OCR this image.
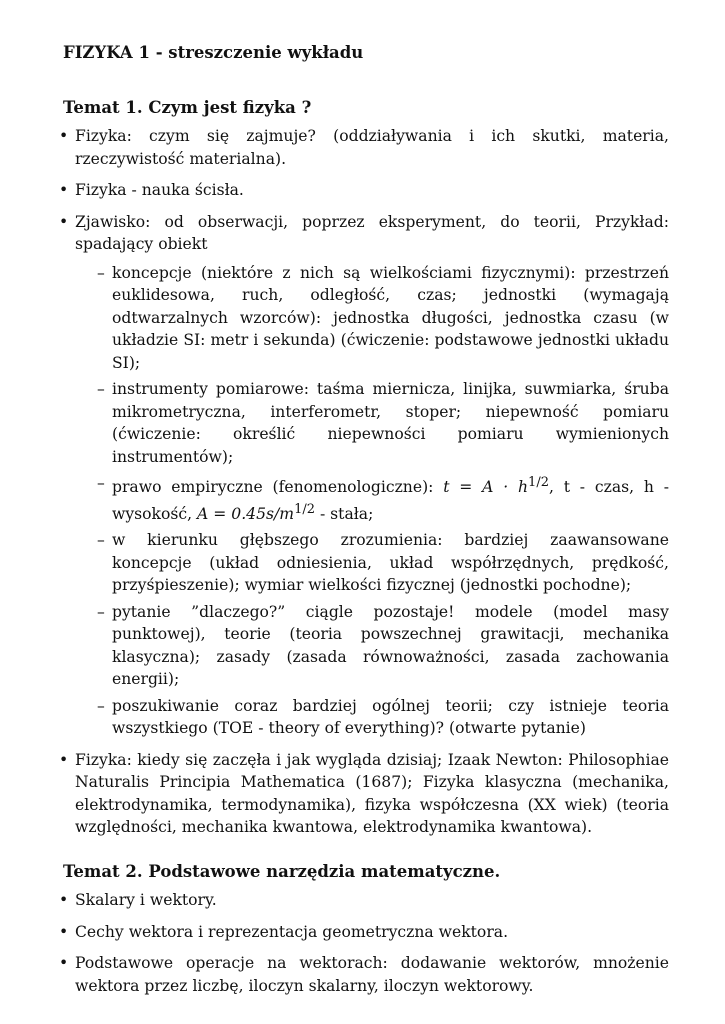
FIZYKA 1 - streszczenie wykładu
Temat 1. Czym jest fizyka ?
• Fizyka: czym się zajmuje? (oddziaływania i ich skutki, materia, rzeczywistość materialna).
• Fizyka - nauka ścisła.
• Zjawisko: od obserwacji, poprzez eksperyment, do teorii, Przykład: spadający obiekt
– koncepcje (niektóre z nich są wielkościami fizycznymi): przestrzeń euklidesowa, ruch, odległość, czas; jednostki (wymagają odtwarzalnych wzorców): jednostka długości, jednostka czasu (w układzie SI: metr i sekunda) (ćwiczenie: podstawowe jednostki układu SI);
– instrumenty pomiarowe: taśma miernicza, linijka, suwmiarka, śruba mikrometryczna, interferometr, stoper; niepewność pomiaru (ćwiczenie: określić niepewności pomiaru wymienionych instrumentów);
– prawo empiryczne (fenomenologiczne): $t = A \cdot h^{1/2}$, t - czas, h - wysokość, $A = 0.45s/m^{1/2}$ - stała;
– w kierunku głębszego zrozumienia: bardziej zaawansowane koncepcje (układ odniesienia, układ współrzędnych, prędkość, przyśpieszenie); wymiar wielkości fizycznej (jednostki pochodne);
– pytanie ”dlaczego?” ciągle pozostaje! modele (model masy punktowej), teorie (teoria powszechnej grawitacji, mechanika klasyczna); zasady (zasada równoważności, zasada zachowania energii);
– poszukiwanie coraz bardziej ogólnej teorii; czy istnieje teoria wszystkiego (TOE - theory of everything)? (otwarte pytanie)
• Fizyka: kiedy się zaczęła i jak wygląda dzisiaj; Izaak Newton: Philosophiae Naturalis Principia Mathematica (1687); Fizyka klasyczna (mechanika, elektrodynamika, termodynamika), fizyka współczesna (XX wiek) (teoria względności, mechanika kwantowa, elektrodynamika kwantowa).
Temat 2. Podstawowe narzędzia matematyczne.
• Skalary i wektory.
• Cechy wektora i reprezentacja geometryczna wektora.
• Podstawowe operacje na wektorach: dodawanie wektorów, mnożenie wektora przez liczbę, iloczyn skalarny, iloczyn wektorowy.
